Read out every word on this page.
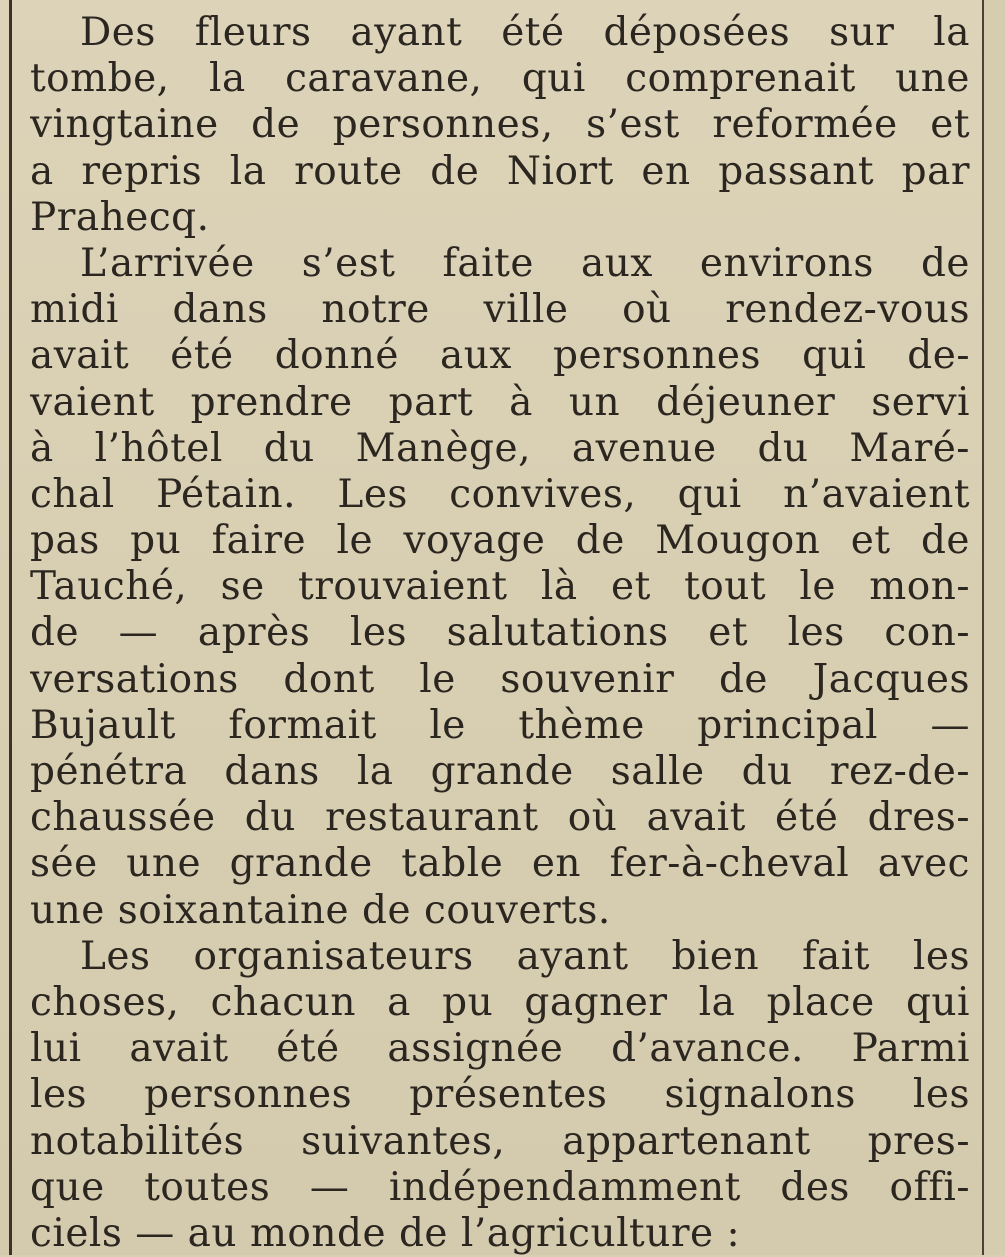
Des fleurs ayant été déposées sur la
tombe, la caravane, qui comprenait une
vingtaine de personnes, s’est reformée et
a repris la route de Niort en passant par
Prahecq.
L’arrivée s’est faite aux environs de
midi dans notre ville où rendez-vous
avait été donné aux personnes qui de-
vaient prendre part à un déjeuner servi
à l’hôtel du Manège, avenue du Maré-
chal Pétain. Les convives, qui n’avaient
pas pu faire le voyage de Mougon et de
Tauché, se trouvaient là et tout le mon-
de — après les salutations et les con-
versations dont le souvenir de Jacques
Bujault formait le thème principal —
pénétra dans la grande salle du rez-de-
chaussée du restaurant où avait été dres-
sée une grande table en fer-à-cheval avec
une soixantaine de couverts.
Les organisateurs ayant bien fait les
choses, chacun a pu gagner la place qui
lui avait été assignée d’avance. Parmi
les personnes présentes signalons les
notabilités suivantes, appartenant pres-
que toutes — indépendamment des offi-
ciels — au monde de l’agriculture :
